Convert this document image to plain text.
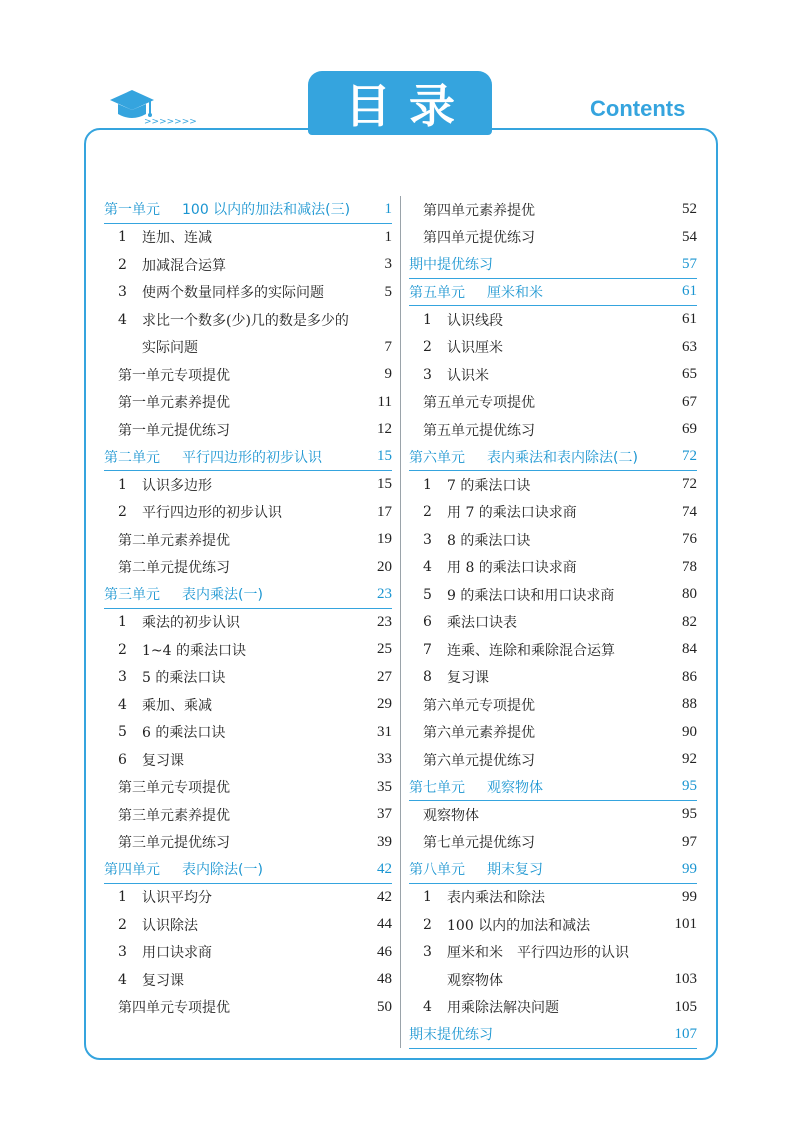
>>>>>>>	目录	Contents
第一单元 100 以内的加法和减法(三)	1
1	连加、连减	1
2	加减混合运算	3
3	使两个数量同样多的实际问题	5
4	求比一个数多(少)几的数是多少的
实际问题	7
第一单元专项提优	9
第一单元素养提优	11
第一单元提优练习	12
第二单元 平行四边形的初步认识	15
1	认识多边形	15
2	平行四边形的初步认识	17
第二单元素养提优	19
第二单元提优练习	20
第三单元 表内乘法(一)	23
1	乘法的初步认识	23
2	1~4 的乘法口诀	25
3	5 的乘法口诀	27
4	乘加、乘减	29
5	6 的乘法口诀	31
6	复习课	33
第三单元专项提优	35
第三单元素养提优	37
第三单元提优练习	39
第四单元 表内除法(一)	42
1	认识平均分	42
2	认识除法	44
3	用口诀求商	46
4	复习课	48
第四单元专项提优	50
第四单元素养提优	52
第四单元提优练习	54
期中提优练习	57
第五单元 厘米和米	61
1	认识线段	61
2	认识厘米	63
3	认识米	65
第五单元专项提优	67
第五单元提优练习	69
第六单元 表内乘法和表内除法(二)	72
1	7 的乘法口诀	72
2	用 7 的乘法口诀求商	74
3	8 的乘法口诀	76
4	用 8 的乘法口诀求商	78
5	9 的乘法口诀和用口诀求商	80
6	乘法口诀表	82
7	连乘、连除和乘除混合运算	84
8	复习课	86
第六单元专项提优	88
第六单元素养提优	90
第六单元提优练习	92
第七单元 观察物体	95
观察物体	95
第七单元提优练习	97
第八单元 期末复习	99
1	表内乘法和除法	99
2	100 以内的加法和减法	101
3	厘米和米　平行四边形的认识
观察物体	103
4	用乘除法解决问题	105
期末提优练习	107
